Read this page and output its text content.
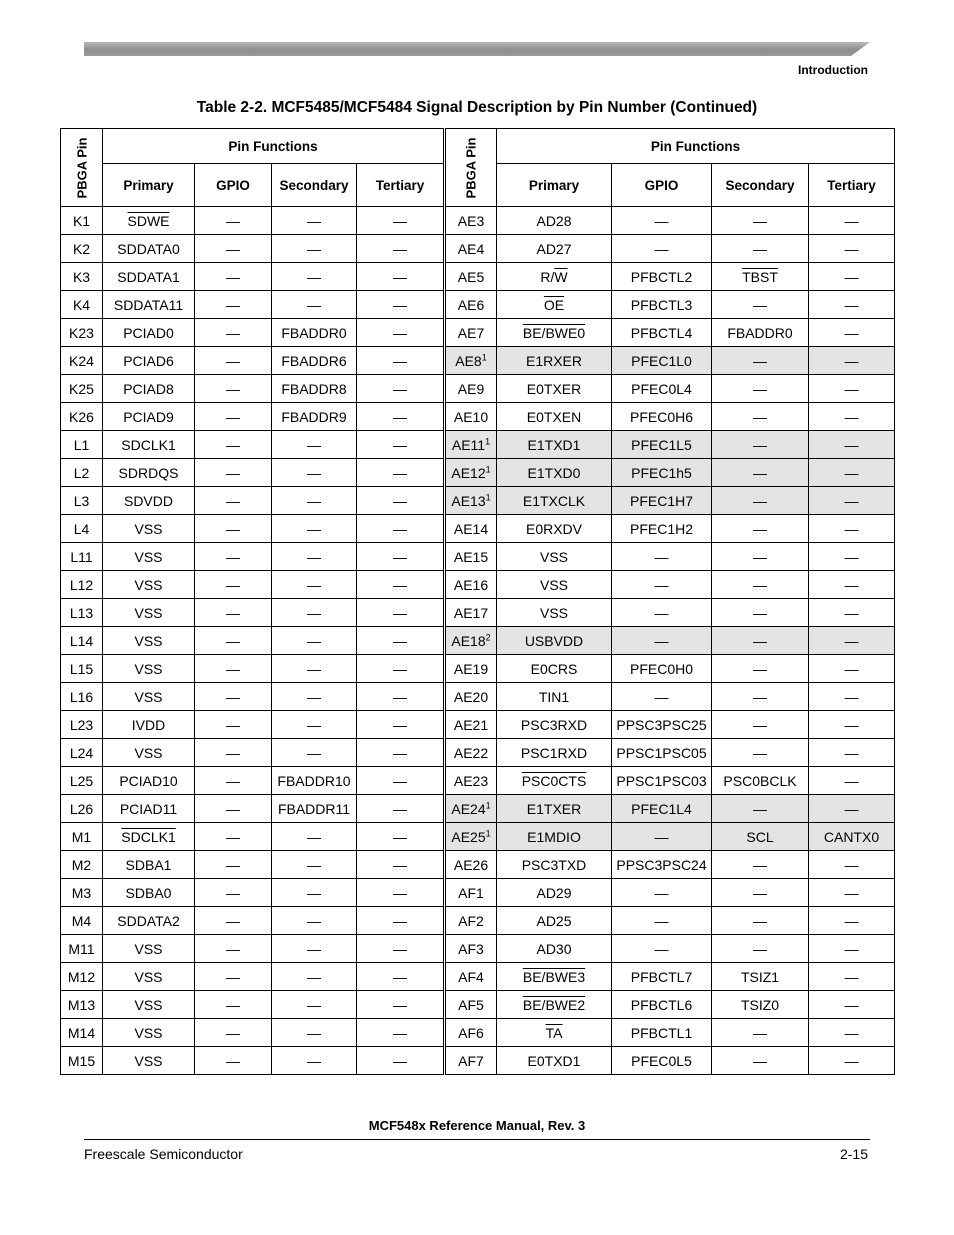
Introduction
Table 2-2. MCF5485/MCF5484 Signal Description by Pin Number (Continued)
PBGA Pin	Pin Functions				PBGA Pin	Pin Functions			
	Primary	GPIO	Secondary	Tertiary		Primary	GPIO	Secondary	Tertiary
K1	SDWE	—	—	—	AE3	AD28	—	—	—
K2	SDDATA0	—	—	—	AE4	AD27	—	—	—
K3	SDDATA1	—	—	—	AE5	$R/\overline{W}$	PFBCTL2	TBST	—
K4	SDDATA11	—	—	—	AE6	$\overline{OE}$	PFBCTL3	—	—
K23	PCIAD0	—	FBADDR0	—	AE7	BE/BWE0	PFBCTL4	FBADDR0	—
K24	PCIAD6	—	FBADDR6	—	$AE8^1$	E1RXER	PFEC1L0	—	—
K25	PCIAD8	—	FBADDR8	—	AE9	E0TXER	PFEC0L4	—	—
K26	PCIAD9	—	FBADDR9	—	AE10	E0TXEN	PFEC0H6	—	—
L1	SDCLK1	—	—	—	$AE11^1$	E1TXD1	PFEC1L5	—	—
L2	SDRDQS	—	—	—	$AE12^1$	E1TXD0	PFEC1h5	—	—
L3	SDVDD	—	—	—	$AE13^1$	E1TXCLK	PFEC1H7	—	—
L4	VSS	—	—	—	AE14	E0RXDV	PFEC1H2	—	—
L11	VSS	—	—	—	AE15	VSS	—	—	—
L12	VSS	—	—	—	AE16	VSS	—	—	—
L13	VSS	—	—	—	AE17	VSS	—	—	—
L14	VSS	—	—	—	$AE18^2$	USBVDD	—	—	—
L15	VSS	—	—	—	AE19	E0CRS	PFEC0H0	—	—
L16	VSS	—	—	—	AE20	TIN1	—	—	—
L23	IVDD	—	—	—	AE21	PSC3RXD	PPSC3PSC25	—	—
L24	VSS	—	—	—	AE22	PSC1RXD	PPSC1PSC05	—	—
L25	PCIAD10	—	FBADDR10	—	AE23	PSC0CTS	PPSC1PSC03	PSC0BCLK	—
L26	PCIAD11	—	FBADDR11	—	$AE24^1$	E1TXER	PFEC1L4	—	—
M1	SDCLK1	—	—	—	$AE25^1$	E1MDIO	—	SCL	CANTX0
M2	SDBA1	—	—	—	AE26	PSC3TXD	PPSC3PSC24	—	—
M3	SDBA0	—	—	—	AF1	AD29	—	—	—
M4	SDDATA2	—	—	—	AF2	AD25	—	—	—
M11	VSS	—	—	—	AF3	AD30	—	—	—
M12	VSS	—	—	—	AF4	BE/BWE3	PFBCTL7	TSIZ1	—
M13	VSS	—	—	—	AF5	BE/BWE2	PFBCTL6	TSIZ0	—
M14	VSS	—	—	—	AF6	$\overline{TA}$	PFBCTL1	—	—
M15	VSS	—	—	—	AF7	E0TXD1	PFEC0L5	—	—
MCF548x Reference Manual, Rev. 3
Freescale Semiconductor	2-15
